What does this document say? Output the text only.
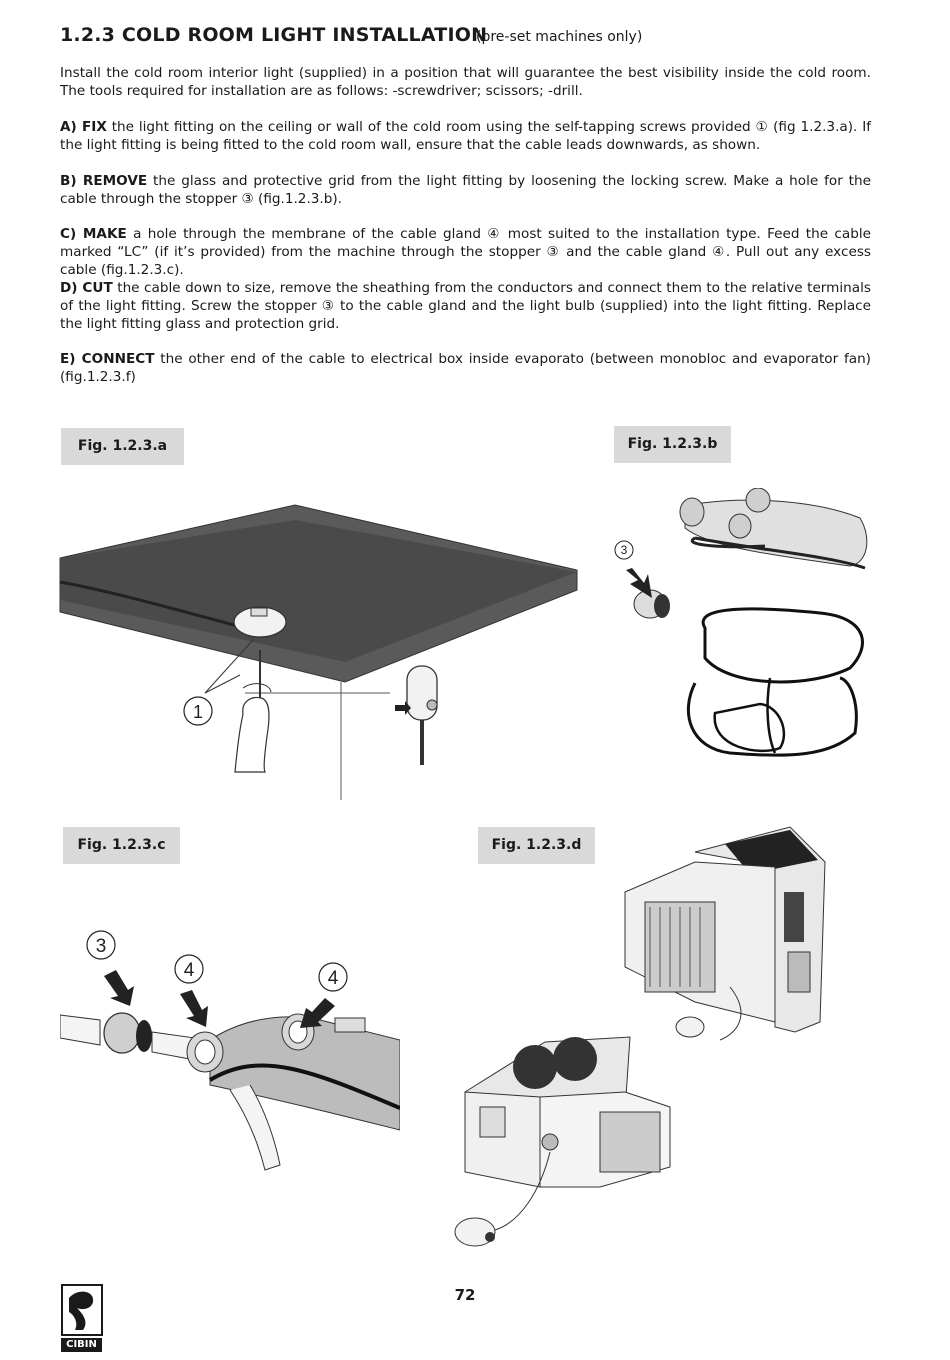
1.2.3 COLD ROOM LIGHT INSTALLATION
(pre-set machines only)

Install the cold room interior light (supplied) in a position that will guarantee the best visibility inside the cold room. The tools required for installation are as follows: -screwdriver; scissors; -drill.

A) FIX the light fitting on the ceiling or wall of the cold room using the self-tapping screws provided ① (fig 1.2.3.a). If the light fitting is being fitted to the cold room wall, ensure that the cable leads downwards, as shown.

B) REMOVE the glass and protective grid from the light fitting by loosening the locking screw. Make a hole for the cable through the stopper ③ (fig.1.2.3.b).

C) MAKE a hole through the membrane of the cable gland ④ most suited to the installation type. Feed the cable marked “LC” (if it’s provided) from the machine through the stopper ③ and the cable gland ④. Pull out any excess cable (fig.1.2.3.c).

D) CUT the cable down to size, remove the sheathing from the conductors and connect them to the relative terminals of the light fitting. Screw the stopper ③ to the cable gland and the light bulb (supplied) into the light fitting. Replace the light fitting glass and protection grid.

E) CONNECT the other end of the cable to electrical box inside evaporato (between monobloc and evaporator fan) (fig.1.2.3.f)

Fig. 1.2.3.a	Fig. 1.2.3.b
Fig. 1.2.3.c	Fig. 1.2.3.d
1
3
3
4	4
72
CIBIN
